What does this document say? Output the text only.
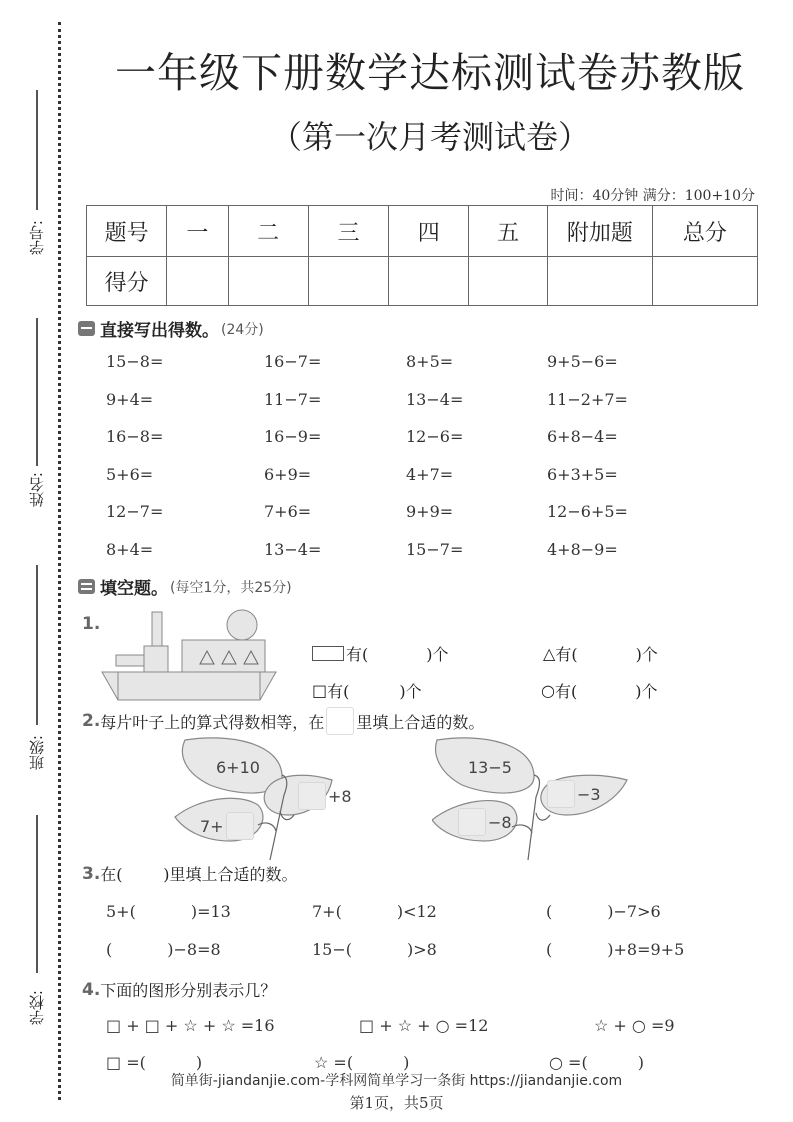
学号:
姓名:
班级:
学校:
一年级下册数学达标测试卷苏教版
（第一次月考测试卷）
时间：40分钟 满分：100+10分
题号	一	二	三	四	五	附加题	总分
得分							
直接写出得数。 (24分)
15−8=	16−7=	8+5=	9+5−6=
9+4=	11−7=	13−4=	11−2+7=
16−8=	16−9=	12−6=	6+8−4=
5+6=	6+9=	4+7=	6+3+5=
12−7=	7+6=	9+9=	12−6+5=
8+4=	13−4=	15−7=	4+8−9=
填空题。 (每空1分，共25分)
1.
有(	)个	△ 有(	)个
□ 有(	)个	○ 有(	)个
2. 每片叶子上的算式得数相等，在 里填上合适的数。
6+10
+8
7+
13−5
−3
−8
3. 在(        )里填上合适的数。
5+(	)=13	7+(	)<12	(	)−7>6
(	)−8=8	15−(	)>8	(	)+8=9+5
4. 下面的图形分别表示几？
□ + □ + ☆ + ☆ =16	□ + ☆ + ○ =12	☆ + ○ =9
□ =(	)	☆ =(	)	○ =(	)
简单街-jiandanjie.com-学科网简单学习一条街 https://jiandanjie.com
第1页，共5页
